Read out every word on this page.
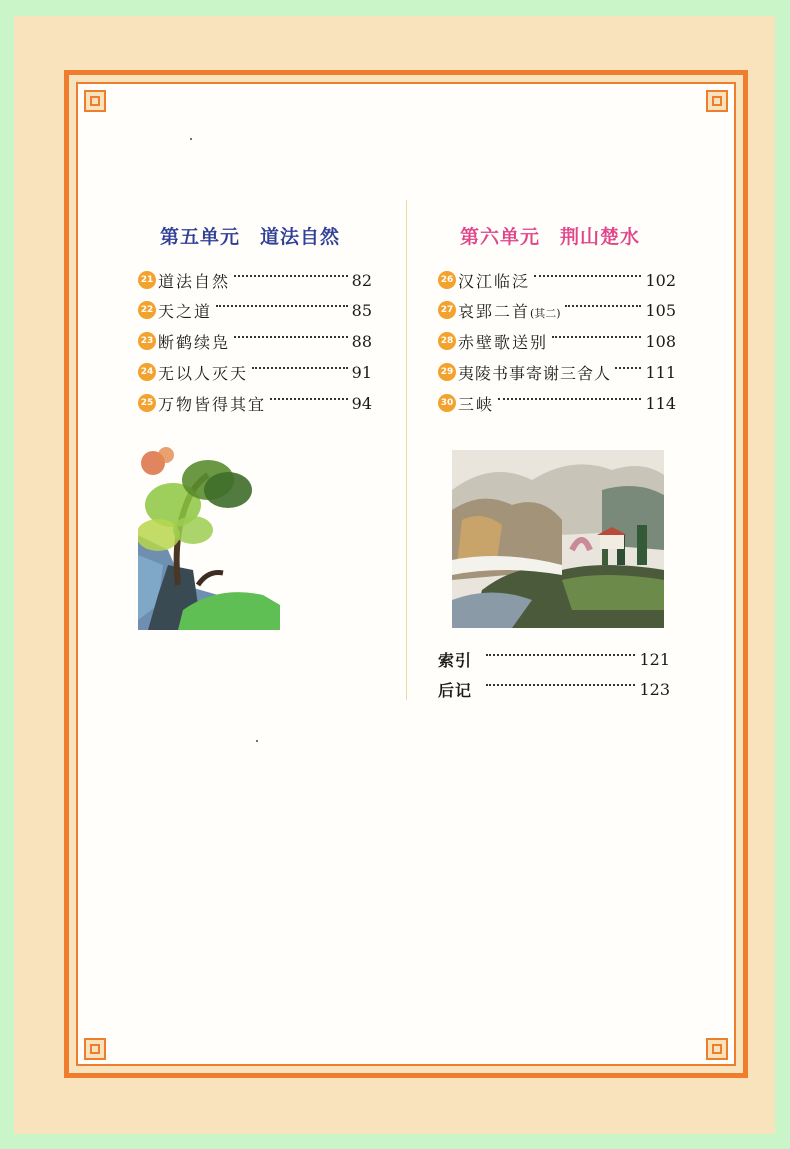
第五单元　道法自然
21 道法自然	82
22 天之道	85
23 断鹤续凫	88
24 无以人灭天	91
25 万物皆得其宜	94
第六单元　荆山楚水
26 汉江临泛	102
27 哀郢二首(其二)	105
28 赤壁歌送别	108
29 夷陵书事寄谢三舍人 111
30 三峡	114
索引	121
后记	123
